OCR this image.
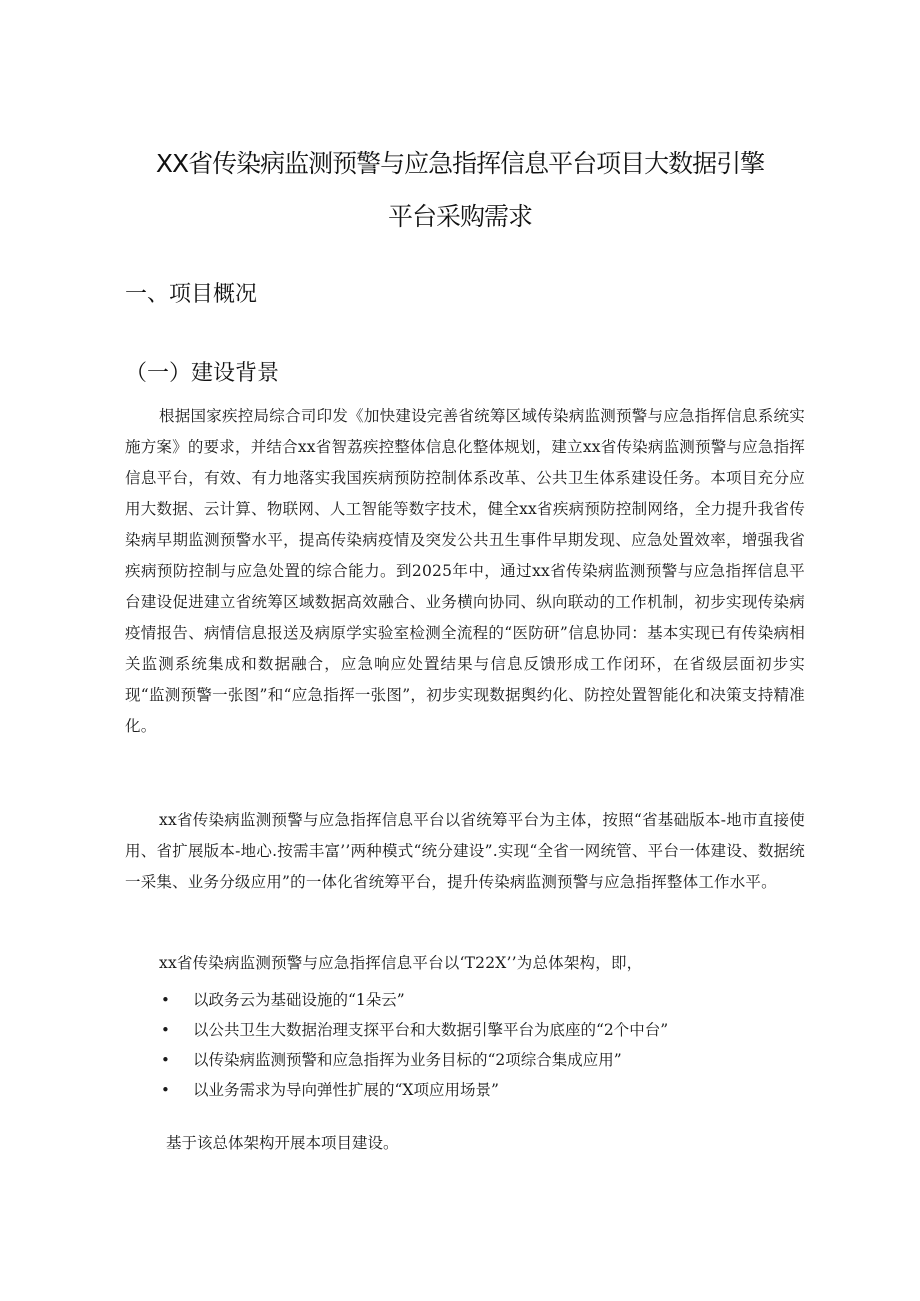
XX省传染病监测预警与应急指挥信息平台项目大数据引擎
平台采购需求
一、项目概况
（一）建设背景

根据国家疾控局综合司印发《加快建设完善省统筹区域传染病监测预警与应急指挥信息系统实施方案》的要求，并结合xx省智荔疾控整体信息化整体规划，建立xx省传染病监测预警与应急指挥信息平台，有效、有力地落实我国疾病预防控制体系改革、公共卫生体系建设任务。本项目充分应用大数据、云计算、物联网、人工智能等数字技术，健全xx省疾病预防控制网络，全力提升我省传染病早期监测预警水平，提高传染病疫情及突发公共丑生事件早期发现、应急处置效率，增强我省疾病预防控制与应急处置的综合能力。到2025年中，通过xx省传染病监测预警与应急指挥信息平台建设促进建立省统筹区域数据高效融合、业务横向协同、纵向联动的工作机制，初步实现传染病疫情报告、病情信息报送及病原学实验室检测全流程的“医防研”信息协同：基本实现已有传染病相关监测系统集成和数据融合，应急响应处置结果与信息反馈形成工作闭环，在省级层面初步实现“监测预警一张图”和“应急指挥一张图”，初步实现数据舆约化、防控处置智能化和决策支持精准化。

xx省传染病监测预警与应急指挥信息平台以省统筹平台为主体，按照“省基础版本-地市直接使用、省扩展版本-地心.按需丰富’’两种模式“统分建设”.实现“全省一网统管、平台一体建设、数据统一采集、业务分级应用”的一体化省统筹平台，提升传染病监测预警与应急指挥整体工作水平。

xx省传染病监测预警与应急指挥信息平台以‘T22X’’为总体架构，即，

• 以政务云为基础设施的“1朵云”
• 以公共卫生大数据治理支探平台和大数据引擎平台为底座的“2个中台”
• 以传染病监测预警和应急指挥为业务目标的“2项综合集成应用”
• 以业务需求为导向弹性扩展的“X项应用场景”
基于该总体架构开展本项目建设。
